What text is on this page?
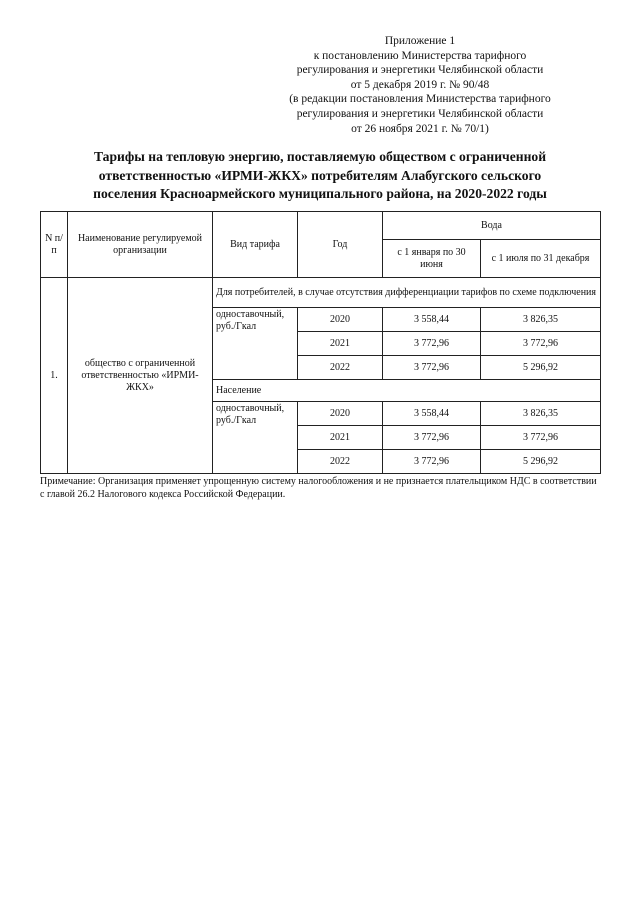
Приложение 1
к постановлению Министерства тарифного
регулирования и энергетики Челябинской области
от 5 декабря 2019 г. № 90/48
(в редакции постановления Министерства тарифного
регулирования и энергетики Челябинской области
от 26 ноября 2021 г. № 70/1)
Тарифы на тепловую энергию, поставляемую обществом с ограниченной
ответственностью «ИРМИ-ЖКХ» потребителям Алабугского сельского
поселения Красноармейского муниципального района, на 2020-2022 годы
N п/п	Наименование регулируемой организации	Вид тарифа	Год	Вода	
				с 1 января по 30 июня	с 1 июля по 31 декабря
1.	общество с ограниченной ответственностью «ИРМИ-ЖКХ»	Для потребителей, в случае отсутствия дифференциации тарифов по схеме подключения			
		одноставочный, руб./Гкал	2020	3 558,44	3 826,35
			2021	3 772,96	3 772,96
			2022	3 772,96	5 296,92
		Население			
		одноставочный, руб./Гкал	2020	3 558,44	3 826,35
			2021	3 772,96	3 772,96
			2022	3 772,96	5 296,92
Примечание: Организация применяет упрощенную систему налогообложения и не признается плательщиком НДС в соответствии с главой 26.2 Налогового кодекса Российской Федерации.
